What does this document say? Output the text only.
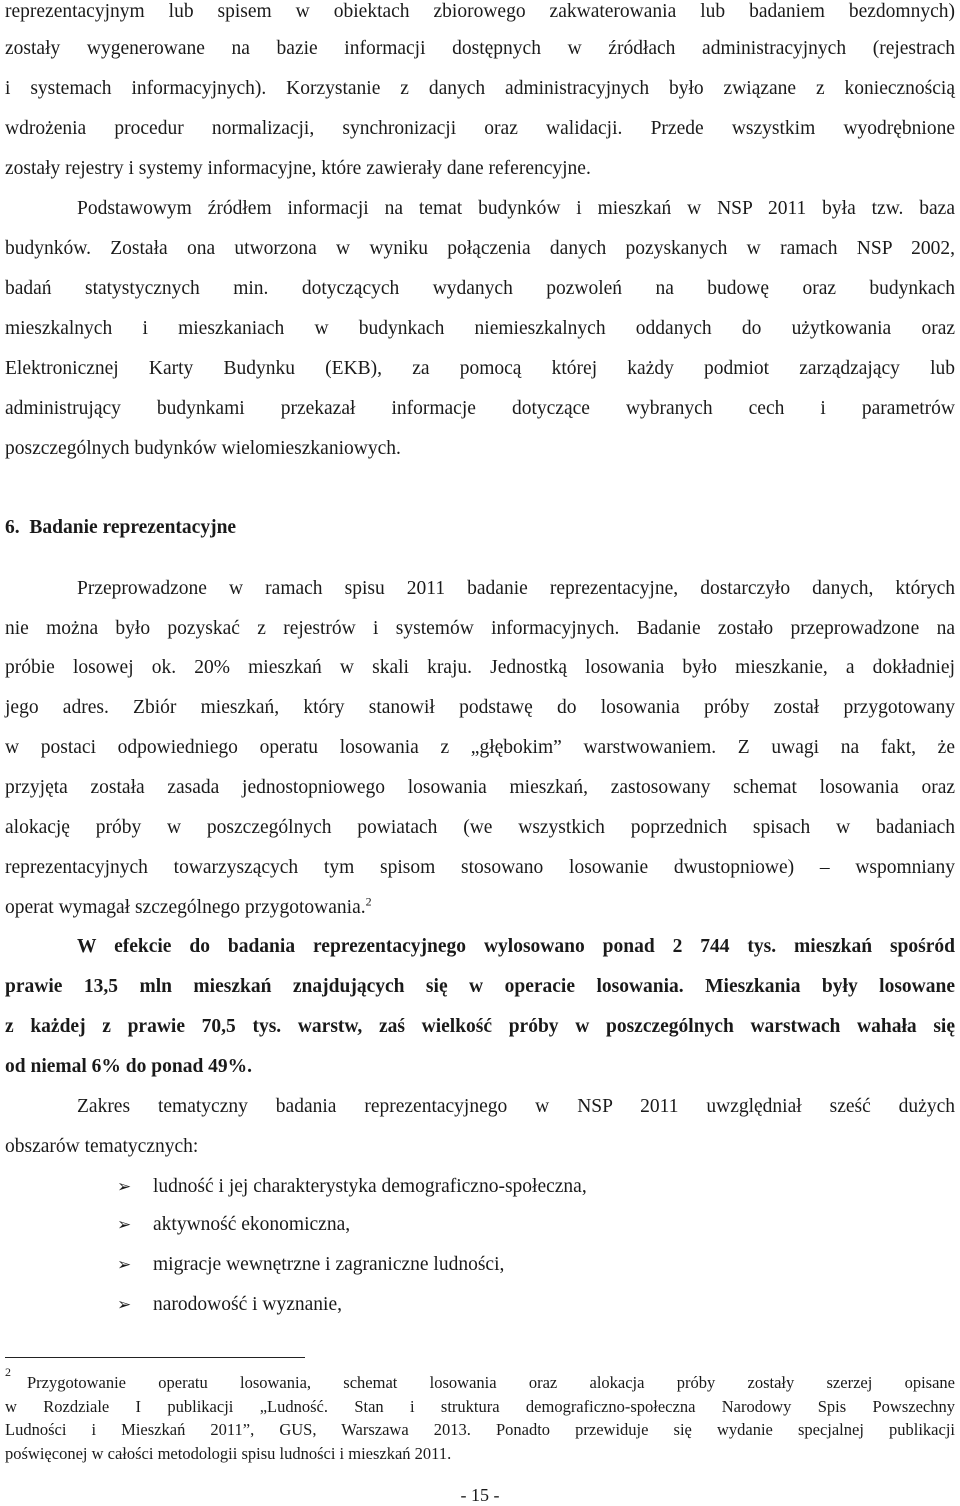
reprezentacyjnym lub spisem w obiektach zbiorowego zakwaterowania lub badaniem bezdomnych)
zostały wygenerowane na bazie informacji dostępnych w źródłach administracyjnych (rejestrach
i systemach informacyjnych). Korzystanie z danych administracyjnych było związane z koniecznością
wdrożenia procedur normalizacji, synchronizacji oraz walidacji. Przede wszystkim wyodrębnione
zostały rejestry i systemy informacyjne, które zawierały dane referencyjne.
Podstawowym źródłem informacji na temat budynków i mieszkań w NSP 2011 była tzw. baza
budynków. Została ona utworzona w wyniku połączenia danych pozyskanych w ramach NSP 2002,
badań statystycznych min. dotyczących wydanych pozwoleń na budowę oraz budynkach
mieszkalnych i mieszkaniach w budynkach niemieszkalnych oddanych do użytkowania oraz
Elektronicznej Karty Budynku (EKB), za pomocą której każdy podmiot zarządzający lub
administrujący budynkami przekazał informacje dotyczące wybranych cech i parametrów
poszczególnych budynków wielomieszkaniowych.
6.  Badanie reprezentacyjne
Przeprowadzone w ramach spisu 2011 badanie reprezentacyjne, dostarczyło danych, których
nie można było pozyskać z rejestrów i systemów informacyjnych. Badanie zostało przeprowadzone na
próbie losowej ok. 20% mieszkań w skali kraju. Jednostką losowania było mieszkanie, a dokładniej
jego adres. Zbiór mieszkań, który stanowił podstawę do losowania próby został przygotowany
w postaci odpowiedniego operatu losowania z „głębokim” warstwowaniem. Z uwagi na fakt, że
przyjęta została zasada jednostopniowego losowania mieszkań, zastosowany schemat losowania oraz
alokację próby w poszczególnych powiatach (we wszystkich poprzednich spisach w badaniach
reprezentacyjnych towarzyszących tym spisom stosowano losowanie dwustopniowe) – wspomniany
operat wymagał szczególnego przygotowania.$^2$
W efekcie do badania reprezentacyjnego wylosowano ponad 2 744 tys. mieszkań spośród
prawie 13,5 mln mieszkań znajdujących się w operacie losowania. Mieszkania były losowane
z każdej z prawie 70,5 tys. warstw, zaś wielkość próby w poszczególnych warstwach wahała się
od niemal 6% do ponad 49%.
Zakres tematyczny badania reprezentacyjnego w NSP 2011 uwzględniał sześć dużych
obszarów tematycznych:
➢ ludność i jej charakterystyka demograficzno-społeczna,
➢ aktywność ekonomiczna,
➢ migracje wewnętrzne i zagraniczne ludności,
➢ narodowość i wyznanie,
2
Przygotowanie operatu losowania, schemat losowania oraz alokacja próby zostały szerzej opisane
w Rozdziale I publikacji „Ludność. Stan i struktura demograficzno-społeczna Narodowy Spis Powszechny
Ludności i Mieszkań 2011”, GUS, Warszawa 2013. Ponadto przewiduje się wydanie specjalnej publikacji
poświęconej w całości metodologii spisu ludności i mieszkań 2011.
- 15 -
